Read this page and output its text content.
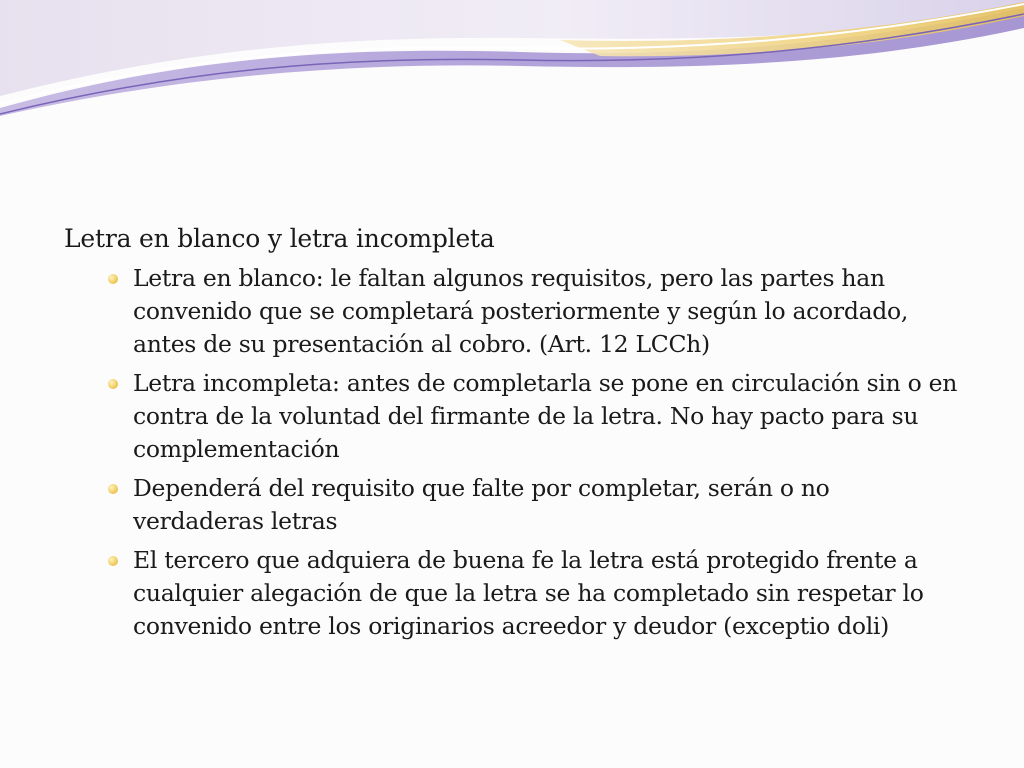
Letra en blanco y letra incompleta
Letra en blanco: le faltan algunos requisitos, pero las partes han convenido que se completará posteriormente y según lo acordado, antes de su presentación al cobro. (Art. 12 LCCh)
Letra incompleta: antes de completarla se pone en circulación sin o en contra de la voluntad del firmante de la letra. No hay pacto para su complementación
Dependerá del requisito que falte por completar, serán o no verdaderas letras
El tercero que adquiera de buena fe la letra está protegido frente a cualquier alegación de que la letra se ha completado sin respetar lo convenido entre los originarios acreedor y deudor (exceptio doli)
